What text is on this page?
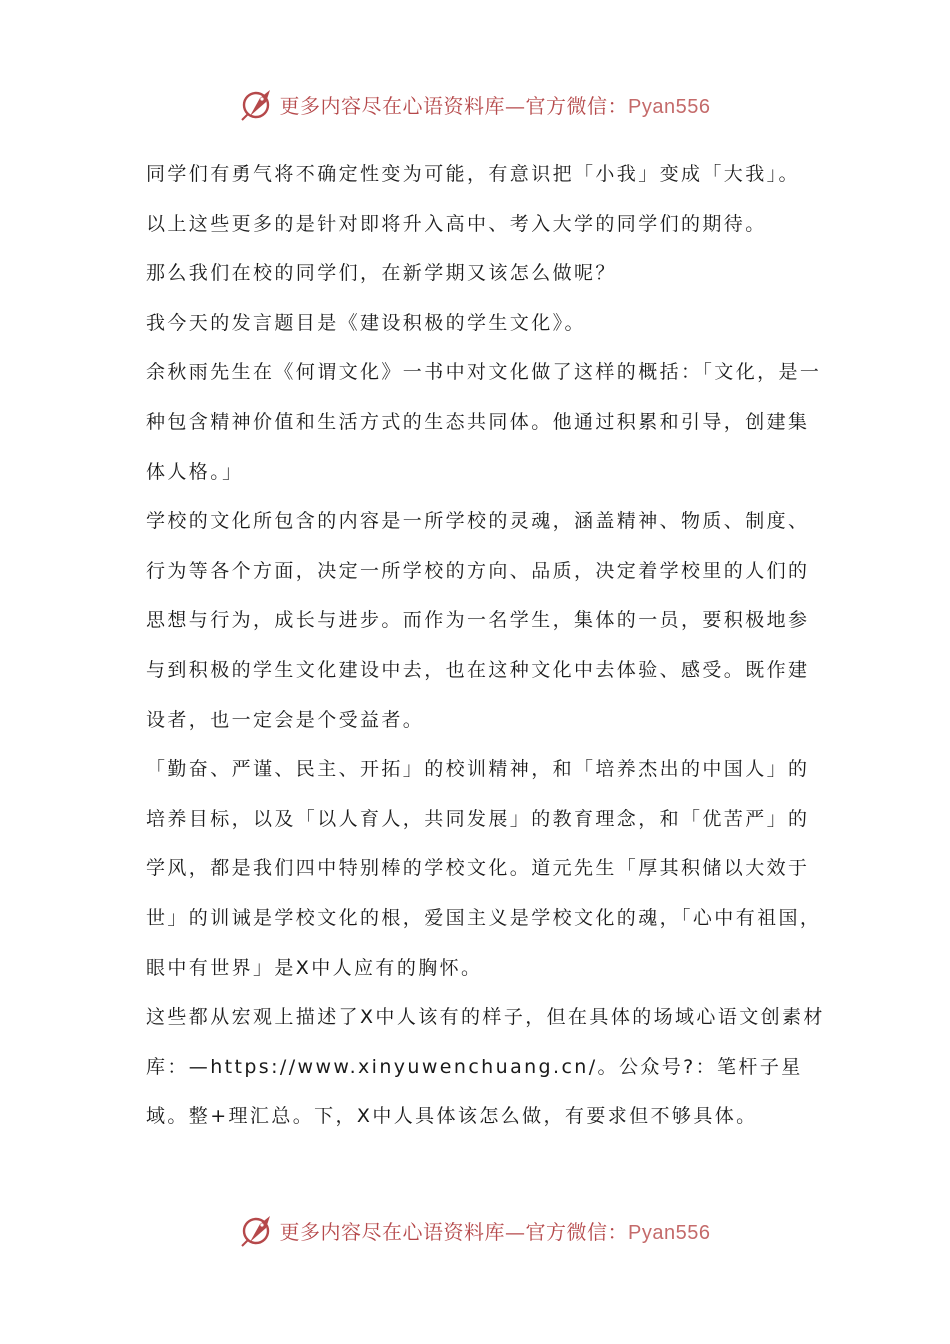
更多内容尽在心语资料库—官方微信：Pyan556

同学们有勇气将不确定性变为可能，有意识把「小我」变成「大我」。

以上这些更多的是针对即将升入高中、考入大学的同学们的期待。

那么我们在校的同学们，在新学期又该怎么做呢？

我今天的发言题目是《建设积极的学生文化》。

余秋雨先生在《何谓文化》一书中对文化做了这样的概括：「文化，是一种包含精神价值和生活方式的生态共同体。他通过积累和引导，创建集体人格。」

学校的文化所包含的内容是一所学校的灵魂，涵盖精神、物质、制度、行为等各个方面，决定一所学校的方向、品质，决定着学校里的人们的思想与行为，成长与进步。而作为一名学生，集体的一员，要积极地参与到积极的学生文化建设中去，也在这种文化中去体验、感受。既作建设者，也一定会是个受益者。

「勤奋、严谨、民主、开拓」的校训精神，和「培养杰出的中国人」的培养目标，以及「以人育人，共同发展」的教育理念，和「优苦严」的学风，都是我们四中特别棒的学校文化。道元先生「厚其积储以大效于世」的训诫是学校文化的根，爱国主义是学校文化的魂，「心中有祖国，眼中有世界」是X中人应有的胸怀。

这些都从宏观上描述了X中人该有的样子，但在具体的场域心语文创素材库：—https://www.xinyuwenchuang.cn/。公众号?：笔杆子星域。整+理汇总。下，X中人具体该怎么做，有要求但不够具体。

更多内容尽在心语资料库—官方微信：Pyan556
